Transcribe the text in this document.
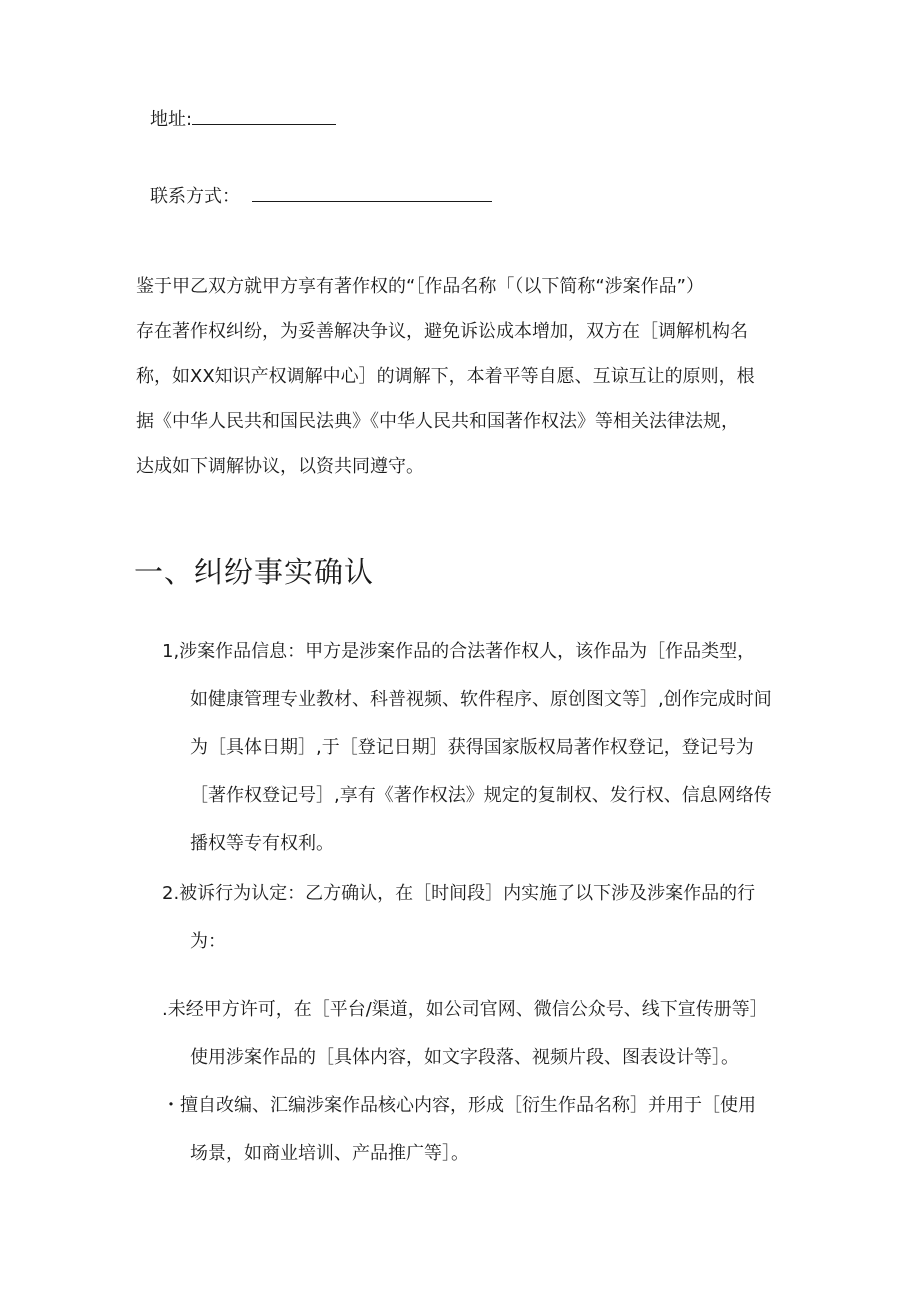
地址:
联系方式：

鉴于甲乙双方就甲方享有著作权的“［作品名称「（以下简称“涉案作品”）

存在著作权纠纷，为妥善解决争议，避免诉讼成本增加，双方在［调解机构名

称，如XX知识产权调解中心］的调解下，本着平等自愿、互谅互让的原则，根

据《中华人民共和国民法典》《中华人民共和国著作权法》等相关法律法规，

达成如下调解协议，以资共同遵守。

一、纠纷事实确认
1,涉案作品信息：甲方是涉案作品的合法著作权人，该作品为［作品类型，
如健康管理专业教材、科普视频、软件程序、原创图文等］,创作完成时间
为［具体日期］,于［登记日期］获得国家版权局著作权登记，登记号为
［著作权登记号］,享有《著作权法》规定的复制权、发行权、信息网络传
播权等专有权利。
2.被诉行为认定：乙方确认，在［时间段］内实施了以下涉及涉案作品的行
为：
.未经甲方许可，在［平台/渠道，如公司官网、微信公众号、线下宣传册等］
使用涉案作品的［具体内容，如文字段落、视频片段、图表设计等］。
・擅自改编、汇编涉案作品核心内容，形成［衍生作品名称］并用于［使用
场景，如商业培训、产品推广等］。
